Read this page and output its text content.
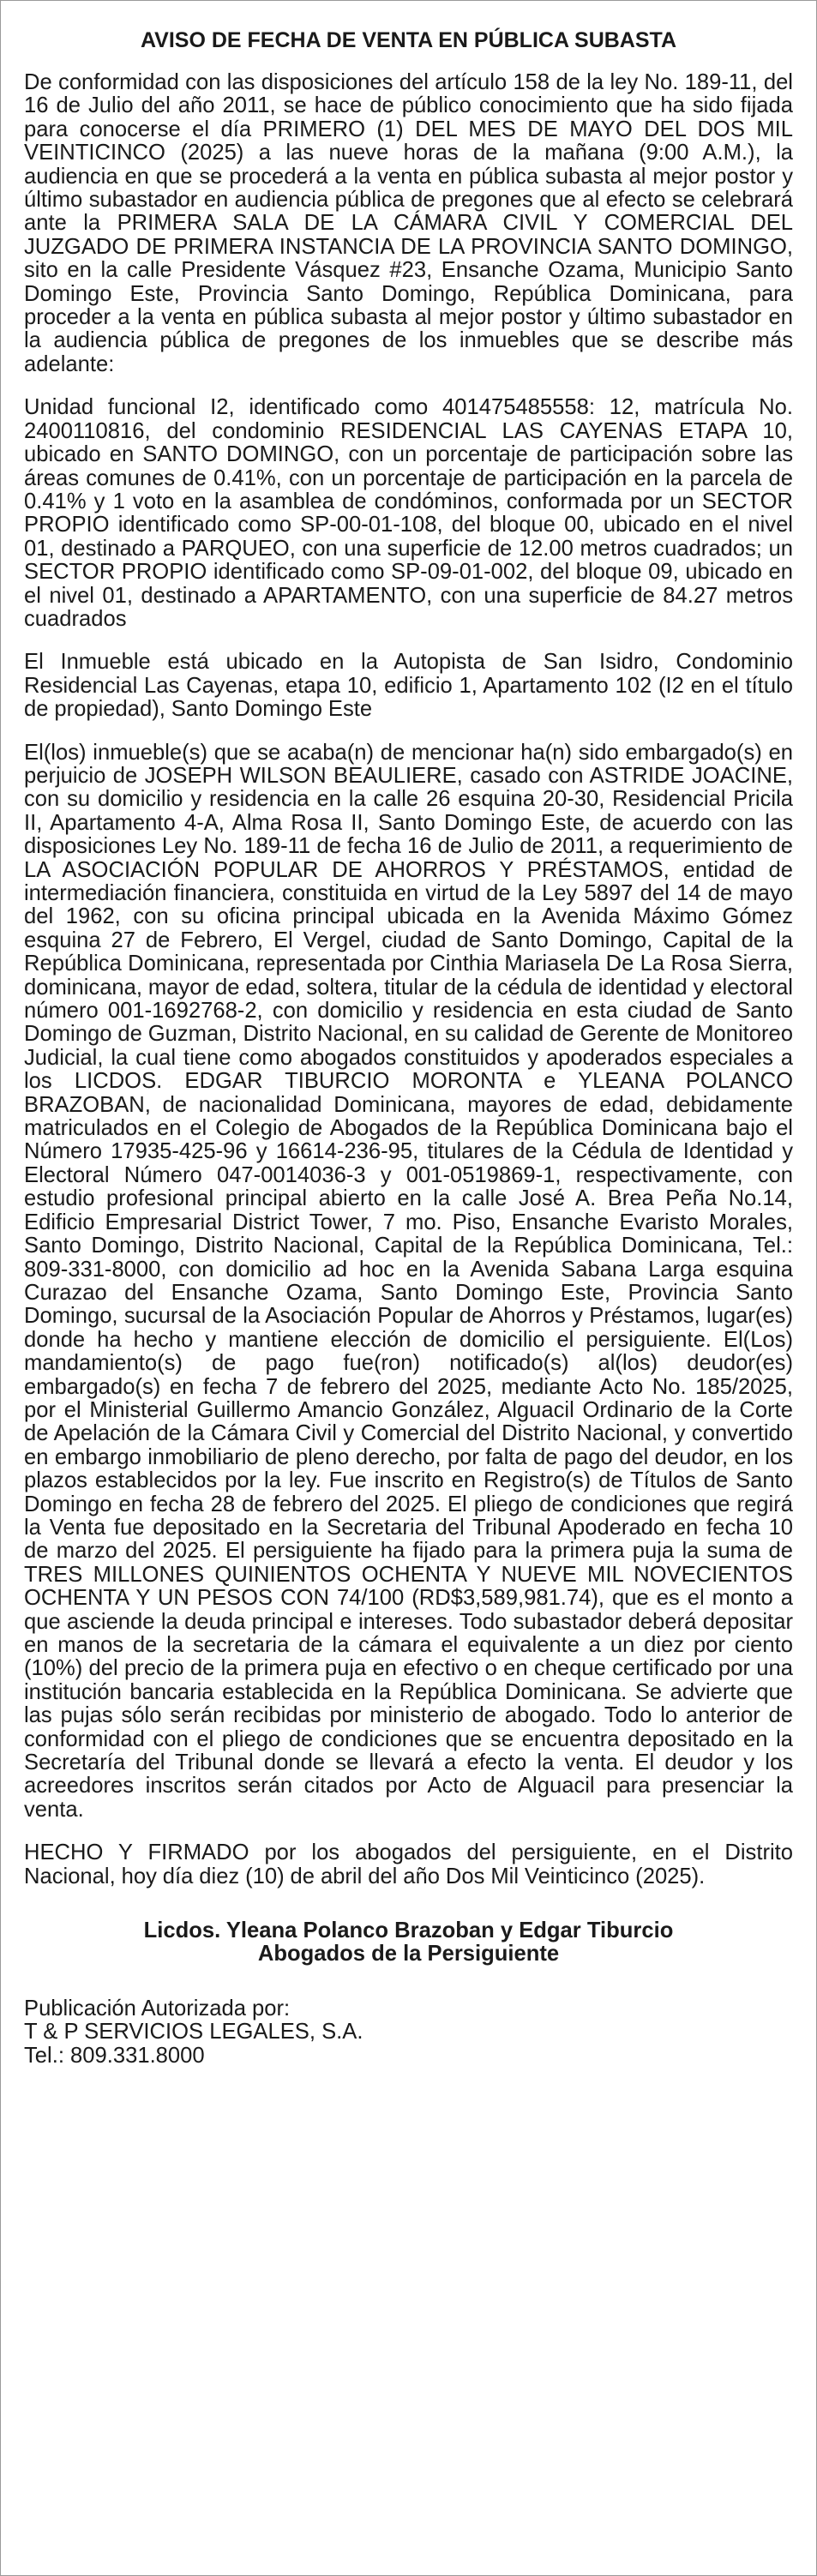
AVISO DE FECHA DE VENTA EN PÚBLICA SUBASTA
De conformidad con las disposiciones del artículo 158 de la ley No. 189-11, del 16 de Julio del año 2011, se hace de público conocimiento que ha sido fijada para conocerse el día PRIMERO (1) DEL MES DE MAYO DEL DOS MIL VEINTICINCO (2025) a las nueve horas de la mañana (9:00 A.M.), la audiencia en que se procederá a la venta en pública subasta al mejor postor y último subastador en audiencia pública de pregones que al efecto se celebrará ante la PRIMERA SALA DE LA CÁMARA CIVIL Y COMERCIAL DEL JUZGADO DE PRIMERA INSTANCIA DE LA PROVINCIA SANTO DOMINGO, sito en la calle Presidente Vásquez #23, Ensanche Ozama, Municipio Santo Domingo Este, Provincia Santo Domingo, República Dominicana, para proceder a la venta en pública subasta al mejor postor y último subastador en la audiencia pública de pregones de los inmuebles que se describe más adelante:
Unidad funcional I2, identificado como 401475485558: 12, matrícula No. 2400110816, del condominio RESIDENCIAL LAS CAYENAS ETAPA 10, ubicado en SANTO DOMINGO, con un porcentaje de participación sobre las áreas comunes de 0.41%, con un porcentaje de participación en la parcela de 0.41% y 1 voto en la asamblea de condóminos, conformada por un SECTOR PROPIO identificado como SP-00-01-108, del bloque 00, ubicado en el nivel 01, destinado a PARQUEO, con una superficie de 12.00 metros cuadrados; un SECTOR PROPIO identificado como SP-09-01-002, del bloque 09, ubicado en el nivel 01, destinado a APARTAMENTO, con una superficie de 84.27 metros cuadrados
El Inmueble está ubicado en la Autopista de San Isidro, Condominio Residencial Las Cayenas, etapa 10, edificio 1, Apartamento 102 (I2 en el título de propiedad), Santo Domingo Este
El(los) inmueble(s) que se acaba(n) de mencionar ha(n) sido embargado(s) en perjuicio de JOSEPH WILSON BEAULIERE, casado con ASTRIDE JOACINE, con su domicilio y residencia en la calle 26 esquina 20-30, Residencial Pricila II, Apartamento 4-A, Alma Rosa II, Santo Domingo Este, de acuerdo con las disposiciones Ley No. 189-11 de fecha 16 de Julio de 2011, a requerimiento de LA ASOCIACIÓN POPULAR DE AHORROS Y PRÉSTAMOS, entidad de intermediación financiera, constituida en virtud de la Ley 5897 del 14 de mayo del 1962, con su oficina principal ubicada en la Avenida Máximo Gómez esquina 27 de Febrero, El Vergel, ciudad de Santo Domingo, Capital de la República Dominicana, representada por Cinthia Mariasela De La Rosa Sierra, dominicana, mayor de edad, soltera, titular de la cédula de identidad y electoral número 001-1692768-2, con domicilio y residencia en esta ciudad de Santo Domingo de Guzman, Distrito Nacional, en su calidad de Gerente de Monitoreo Judicial, la cual tiene como abogados constituidos y apoderados especiales a los LICDOS. EDGAR TIBURCIO MORONTA e YLEANA POLANCO BRAZOBAN, de nacionalidad Dominicana, mayores de edad, debidamente matriculados en el Colegio de Abogados de la República Dominicana bajo el Número 17935-425-96 y 16614-236-95, titulares de la Cédula de Identidad y Electoral Número 047-0014036-3 y 001-0519869-1, respectivamente, con estudio profesional principal abierto en la calle José A. Brea Peña No.14, Edificio Empresarial District Tower, 7 mo. Piso, Ensanche Evaristo Morales, Santo Domingo, Distrito Nacional, Capital de la República Dominicana, Tel.: 809-331-8000, con domicilio ad hoc en la Avenida Sabana Larga esquina Curazao del Ensanche Ozama, Santo Domingo Este, Provincia Santo Domingo, sucursal de la Asociación Popular de Ahorros y Préstamos, lugar(es) donde ha hecho y mantiene elección de domicilio el persiguiente. El(Los) mandamiento(s) de pago fue(ron) notificado(s) al(los) deudor(es) embargado(s) en fecha 7 de febrero del 2025, mediante Acto No. 185/2025, por el Ministerial Guillermo Amancio González, Alguacil Ordinario de la Corte de Apelación de la Cámara Civil y Comercial del Distrito Nacional, y convertido en embargo inmobiliario de pleno derecho, por falta de pago del deudor, en los plazos establecidos por la ley. Fue inscrito en Registro(s) de Títulos de Santo Domingo en fecha 28 de febrero del 2025. El pliego de condiciones que regirá la Venta fue depositado en la Secretaria del Tribunal Apoderado en fecha 10 de marzo del 2025. El persiguiente ha fijado para la primera puja la suma de TRES MILLONES QUINIENTOS OCHENTA Y NUEVE MIL NOVECIENTOS OCHENTA Y UN PESOS CON 74/100 (RD$3,589,981.74), que es el monto a que asciende la deuda principal e intereses. Todo subastador deberá depositar en manos de la secretaria de la cámara el equivalente a un diez por ciento (10%) del precio de la primera puja en efectivo o en cheque certificado por una institución bancaria establecida en la República Dominicana. Se advierte que las pujas sólo serán recibidas por ministerio de abogado. Todo lo anterior de conformidad con el pliego de condiciones que se encuentra depositado en la Secretaría del Tribunal donde se llevará a efecto la venta. El deudor y los acreedores inscritos serán citados por Acto de Alguacil para presenciar la venta.
HECHO Y FIRMADO por los abogados del persiguiente, en el Distrito Nacional, hoy día diez (10) de abril del año Dos Mil Veinticinco (2025).
Licdos. Yleana Polanco Brazoban y Edgar Tiburcio
Abogados de la Persiguiente
Publicación Autorizada por:
T & P SERVICIOS LEGALES, S.A.
Tel.: 809.331.8000
